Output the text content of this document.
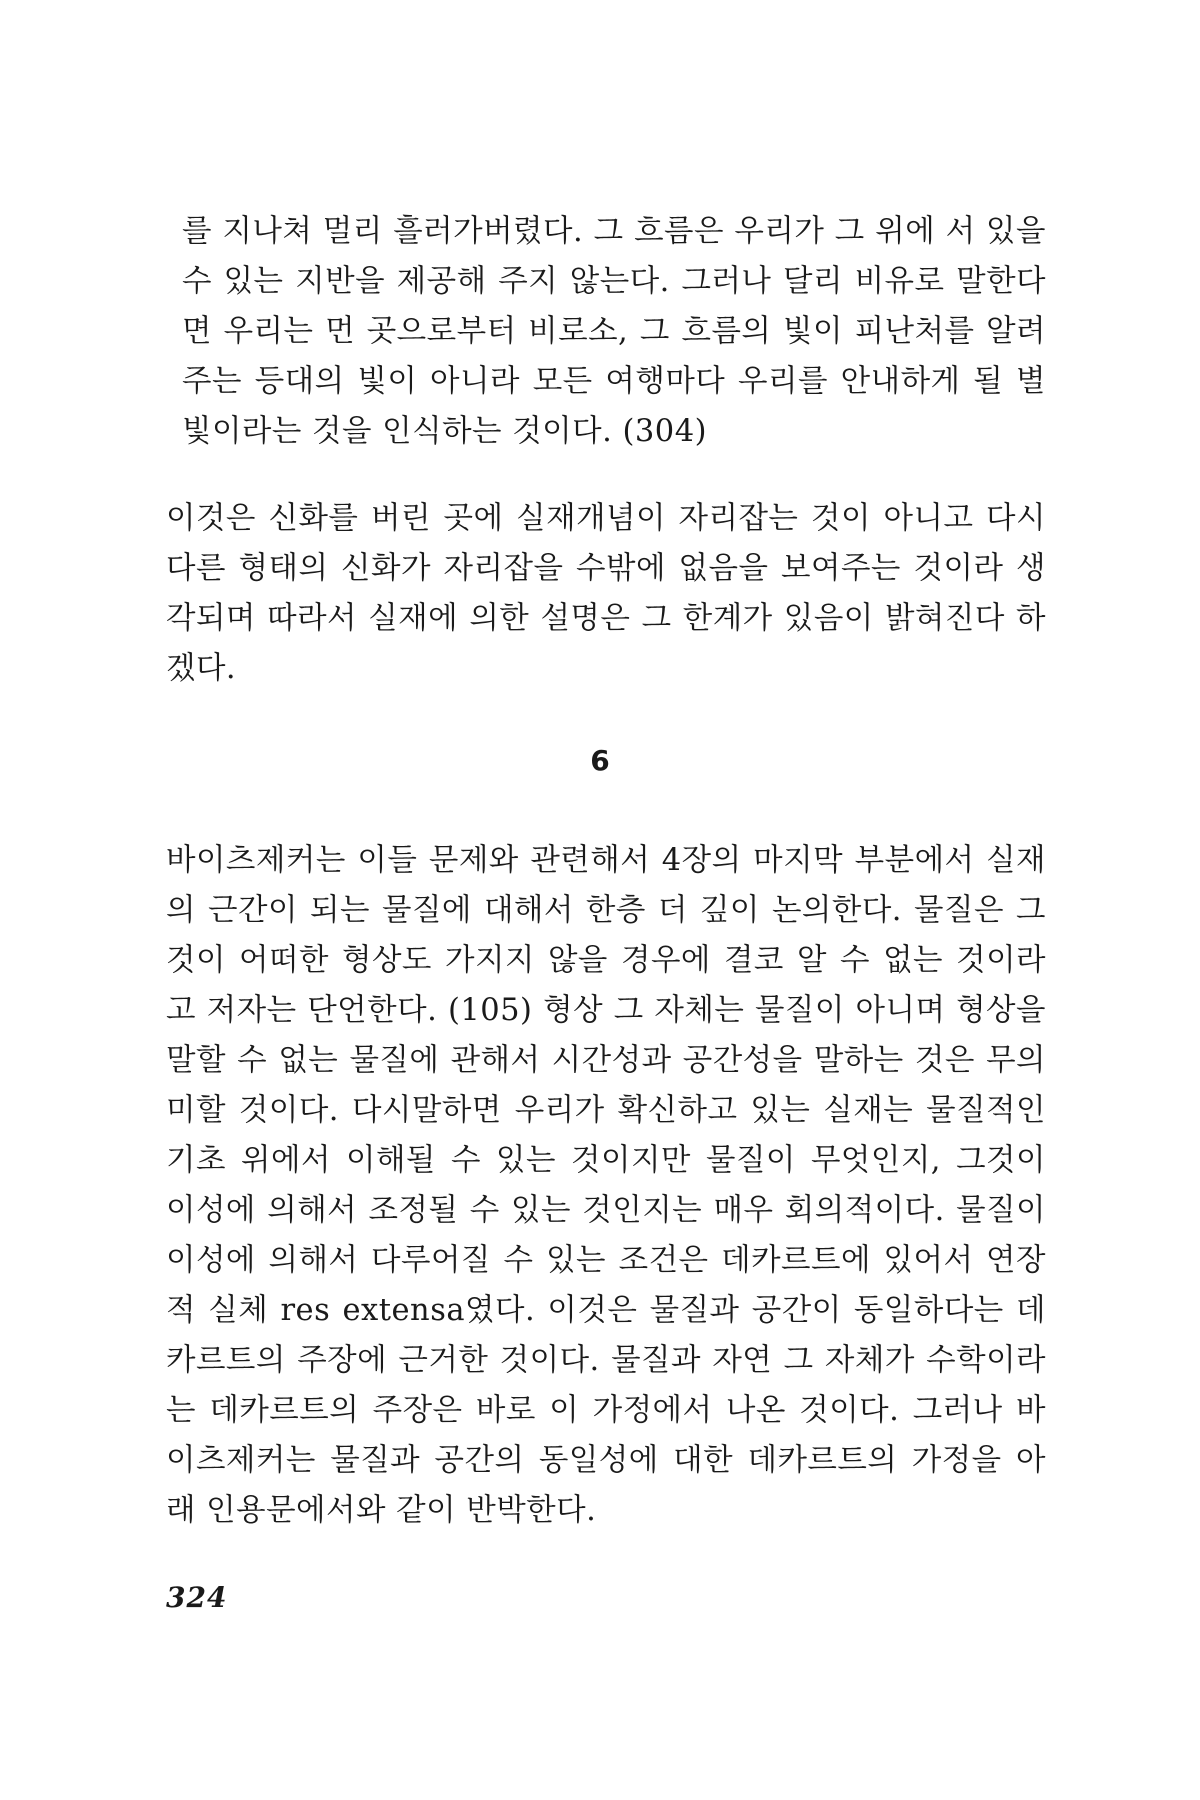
를 지나쳐 멀리 흘러가버렸다. 그 흐름은 우리가 그 위에 서 있을 수 있는 지반을 제공해 주지 않는다. 그러나 달리 비유로 말한다면 우리는 먼 곳으로부터 비로소, 그 흐름의 빛이 피난처를 알려 주는 등대의 빛이 아니라 모든 여행마다 우리를 안내하게 될 별빛이라는 것을 인식하는 것이다. (304)

이것은 신화를 버린 곳에 실재개념이 자리잡는 것이 아니고 다시 다른 형태의 신화가 자리잡을 수밖에 없음을 보여주는 것이라 생각되며 따라서 실재에 의한 설명은 그 한계가 있음이 밝혀진다 하겠다.

6

바이츠제커는 이들 문제와 관련해서 4장의 마지막 부분에서 실재의 근간이 되는 물질에 대해서 한층 더 깊이 논의한다. 물질은 그것이 어떠한 형상도 가지지 않을 경우에 결코 알 수 없는 것이라고 저자는 단언한다. (105) 형상 그 자체는 물질이 아니며 형상을 말할 수 없는 물질에 관해서 시간성과 공간성을 말하는 것은 무의미할 것이다. 다시말하면 우리가 확신하고 있는 실재는 물질적인 기초 위에서 이해될 수 있는 것이지만 물질이 무엇인지, 그것이 이성에 의해서 조정될 수 있는 것인지는 매우 회의적이다. 물질이 이성에 의해서 다루어질 수 있는 조건은 데카르트에 있어서 연장적 실체 res extensa였다. 이것은 물질과 공간이 동일하다는 데카르트의 주장에 근거한 것이다. 물질과 자연 그 자체가 수학이라는 데카르트의 주장은 바로 이 가정에서 나온 것이다. 그러나 바이츠제커는 물질과 공간의 동일성에 대한 데카르트의 가정을 아래 인용문에서와 같이 반박한다.

324
